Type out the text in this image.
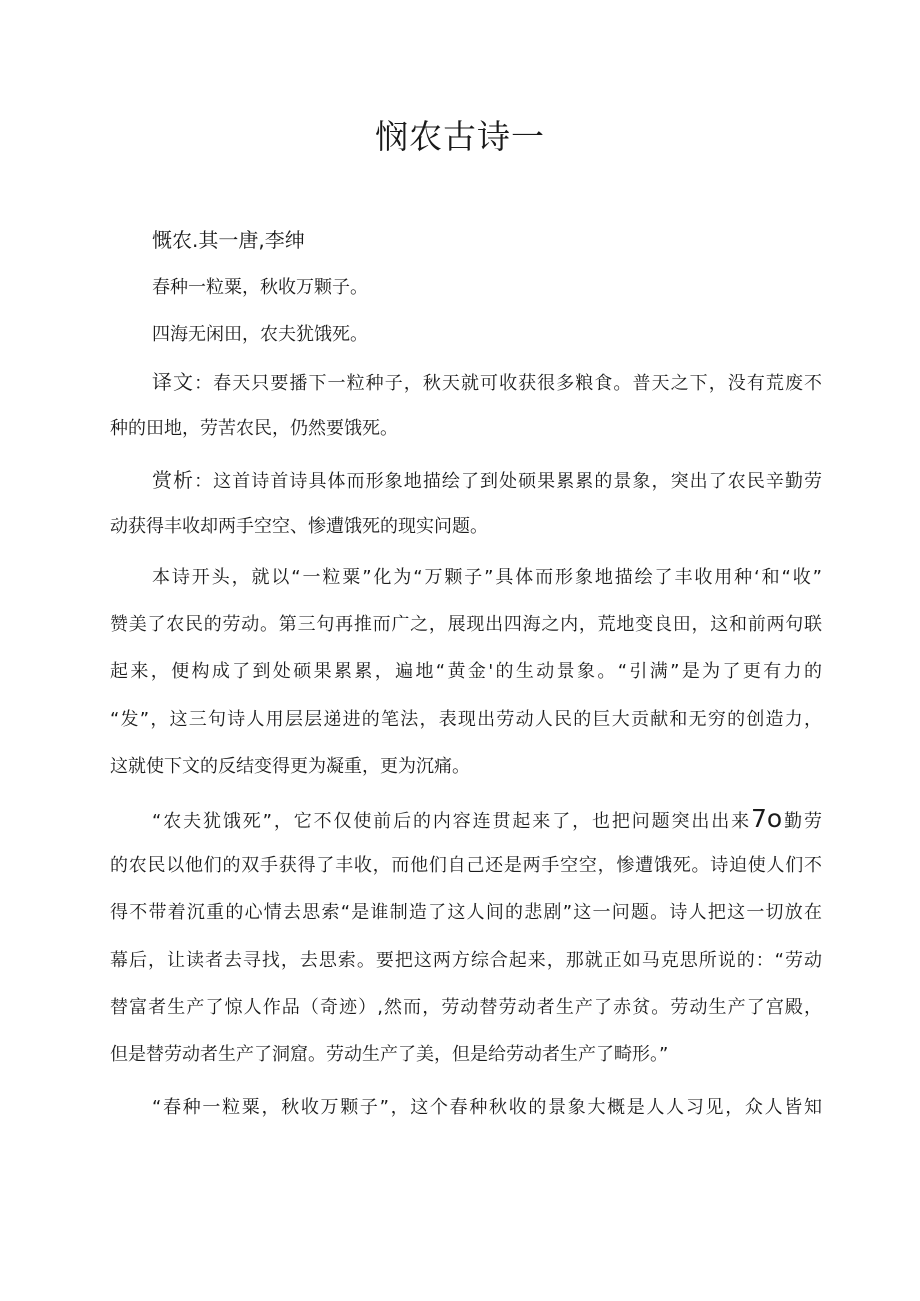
悯农古诗一
慨农.其一唐,李绅
春种一粒粟，秋收万颗子。
四海无闲田，农夫犹饿死。
译文：春天只要播下一粒种子，秋天就可收获很多粮食。普天之下，没有荒废不
种的田地，劳苦农民，仍然要饿死。
赏析：这首诗首诗具体而形象地描绘了到处硕果累累的景象，突出了农民辛勤劳
动获得丰收却两手空空、惨遭饿死的现实问题。
本诗开头，就以“一粒粟”化为“万颗子”具体而形象地描绘了丰收用种‘和“收”
赞美了农民的劳动。第三句再推而广之，展现出四海之内，荒地变良田，这和前两句联
起来，便构成了到处硕果累累，遍地“黄金'的生动景象。“引满”是为了更有力的
“发”，这三句诗人用层层递进的笔法，表现出劳动人民的巨大贡献和无穷的创造力，
这就使下文的反结变得更为凝重，更为沉痛。
“农夫犹饿死”，它不仅使前后的内容连贯起来了，也把问题突出出来7o勤劳
的农民以他们的双手获得了丰收，而他们自己还是两手空空，惨遭饿死。诗迫使人们不
得不带着沉重的心情去思索“是谁制造了这人间的悲剧”这一问题。诗人把这一切放在
幕后，让读者去寻找，去思索。要把这两方综合起来，那就正如马克思所说的：“劳动
替富者生产了惊人作品（奇迹）,然而，劳动替劳动者生产了赤贫。劳动生产了宫殿，
但是替劳动者生产了洞窟。劳动生产了美，但是给劳动者生产了畸形。”
“春种一粒粟，秋收万颗子”，这个春种秋收的景象大概是人人习见，众人皆知
